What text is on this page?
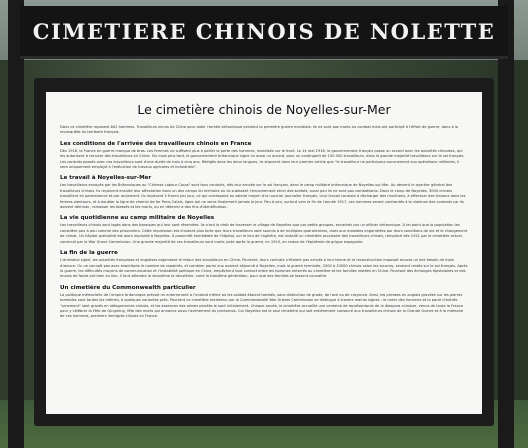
CIMETIERE CHINOIS DE NOLETTE
Le cimetière chinois de Noyelles-sur-Mer

Dans ce cimetière reposent 842 hommes. Travailleurs venus de Chine pour aider l'armée britannique pendant la première guerre mondiale. Ils ne sont pas morts au combat mais ont participé à l'effort de guerre, dans à la reconquête du territoire français.

Les conditions de l'arrivée des travailleurs chinois en France

Dès 1916, la France en guerre manque de bras. Les femmes ne suffisent plus à pallier la perte des hommes, mobilisés sur le front. Le 14 mai 1916, le gouvernement français passe un accord avec les autorités chinoises, qui les autorisent à recruter des travailleurs en Chine. Six mois plus tard, le gouvernement britannique signe lui aussi un accord, pour un contingent de 150 000 travailleurs, dans la grande majorité travailleurs sur le sol français. Les contrats passés avec ces travailleurs sont d'une durée de trois à cinq ans. Rédigés dans les deux langues, ils stipulent dans leur premier article que "le travailleur ne participera aucunement aux opérations militaires, il sera uniquement employé à l'exécution de travaux agricoles et industriels".

Le travail à Noyelles-sur-Mer

Les travailleurs envoyés par les Britanniques ou "Chinese Labour Corps" sont tous conduits, dès leur arrivée sur le sol français, dans le camp militaire britannique de Noyelles-sur-Mer. Au devient le quartier général des travailleurs chinois. Ils reçoivent ensuite leur affectation dans un des camps du territoire où ils subissent l'encadrement strict des soldats, aussi peu ils ne sont pas combattants. Dans le camp de Noyelles, 3000 chinois travaillent en permanence et par roulement. Ils reçoivent 5 francs par jour, ce qui correspond au salaire moyen d'un ouvrier journalier français. Leur travail consiste à décharger des munitions, à effectuer des travaux dans les fermes alentours, et à doubler la ligne de chemin de fer Paris-Calais, ligne qui ne verra finalement jamais le jour. Peu à peu, surtout vers la fin de l'année 1917, ces hommes seront confrontés à la violence des combats car ils doivent déminer, ramasser les blessés et les morts, ou en déterrer à des fins d'identification.

La vie quotidienne au camp militaire de Noyelles

Les travailleurs chinois sont logés dans des baraques qui leur sont réservées. Ils n'ont le droit de traverser le village de Noyelles que par petits groupes, encadrés par un officier britannique. À tel point que la population les considère peu à peu comme des prisonniers. Cette impression est d'autant plus forte que leurs travailleurs sont soumis à de multiples quarantaines, dues aux maladies engendrées par leurs conditions de vie et le changement de climat. Un hôpital spécialisé est alors implanté à Noyelles. A proximité immédiate de l'hôpital, sur le lieu de l'agilière, est installé un cimetière provisoire des travailleurs chinois, remplacé dès 1921 par le cimetière actuel, construit par la War Grave Commission. Une grande majorité de ces travailleurs sont morts juste après la guerre, en 1919, en raison de l'épidémie de grippe espagnole.

La fin de la guerre

L'armistice signé, les autorités françaises et anglaises organisent le retour des travailleurs en Chine. Pourtant, leurs contrats n'étaient pas arrivés à leur terme et la reconstruction imposait encore un fort besoin de main d'œuvre. On ne connaît pas avec exactitude le nombre de rapatriés, et combien parmi eux avaient séjourné à Noyelles, mais la guerre terminée, 2000 à 10000 chinois salon les sources, seraient restés sur le sol français. Après la guerre, les difficultés moyens de communication et l'instabilité politique en Chine, empêchent tout contact entre les hommes enterrés au cimetière et les familles restées en Chine. Pourtant des échanges épistolaires et des envois de fonds ont bien eu lieu. Il faut attendre la deuxième la deuxième, voire la troisième génération, pour que des familles se fassent connaître.

Un cimetière du Commonwealth particulier

La politique mémorielle de l'empire britannique prévoit un enterrement à l'endroit même où les soldats étaient tombés, sans distinction de grade, de race ou de croyance. Ainsi, les phrases en anglais gravées sur les pierres tombales sont toutes les mêmes, à quelques variantes près. Pourtant ce cimetière entretenu par la Commonwealth War Graves Commission se distingue à travers maints signes : le noms des hommes et la porte d'entrée "ornement" sont gravés en idéogrammes chinois, et les essences des arbres plantés le sont initialement. Chaque année, le cimetière accueille une centaine de représentants de la diaspora chinoise, venus de toute la France pour y célébrer la Fête de Qingming, fête des morts qui annonce aussi l'avènement du printemps. Car Noyelles est le seul cimetière qui soit entièrement consacré aux travailleurs chinois de la Grande Guerre et à la mémoire de ces hommes, premiers immigrés chinois en France.
